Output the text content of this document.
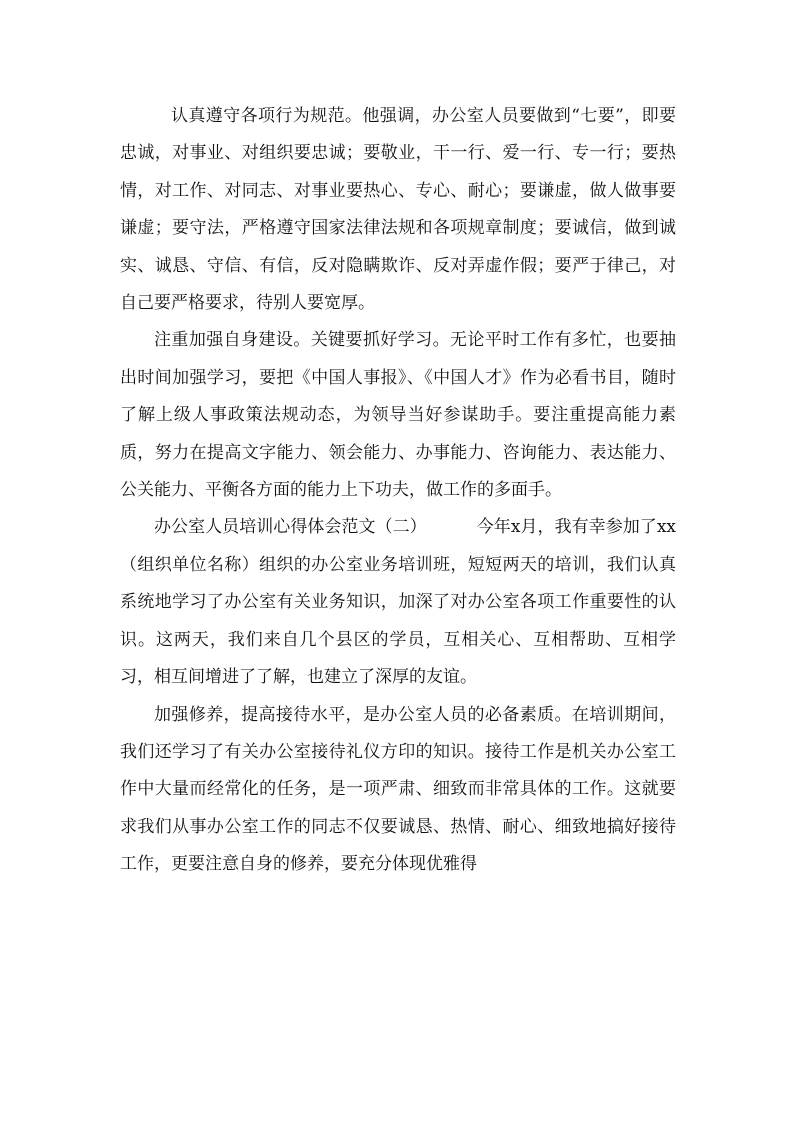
认真遵守各项行为规范。他强调，办公室人员要做到“七要”，即要忠诚，对事业、对组织要忠诚；要敬业，干一行、爱一行、专一行；要热情，对工作、对同志、对事业要热心、专心、耐心；要谦虚，做人做事要谦虚；要守法，严格遵守国家法律法规和各项规章制度；要诚信，做到诚实、诚恳、守信、有信，反对隐瞒欺诈、反对弄虚作假；要严于律己，对自己要严格要求，待别人要宽厚。

注重加强自身建设。关键要抓好学习。无论平时工作有多忙，也要抽出时间加强学习，要把《中国人事报》、《中国人才》作为必看书目，随时了解上级人事政策法规动态，为领导当好参谋助手。要注重提高能力素质，努力在提高文字能力、领会能力、办事能力、咨询能力、表达能力、公关能力、平衡各方面的能力上下功夫，做工作的多面手。

办公室人员培训心得体会范文（二）	今年x月，我有幸参加了xx（组织单位名称）组织的办公室业务培训班，短短两天的培训，我们认真系统地学习了办公室有关业务知识，加深了对办公室各项工作重要性的认识。这两天，我们来自几个县区的学员，互相关心、互相帮助、互相学习，相互间增进了了解，也建立了深厚的友谊。

加强修养，提高接待水平，是办公室人员的必备素质。在培训期间，我们还学习了有关办公室接待礼仪方印的知识。接待工作是机关办公室工作中大量而经常化的任务，是一项严肃、细致而非常具体的工作。这就要求我们从事办公室工作的同志不仅要诚恳、热情、耐心、细致地搞好接待工作，更要注意自身的修养，要充分体现优雅得
